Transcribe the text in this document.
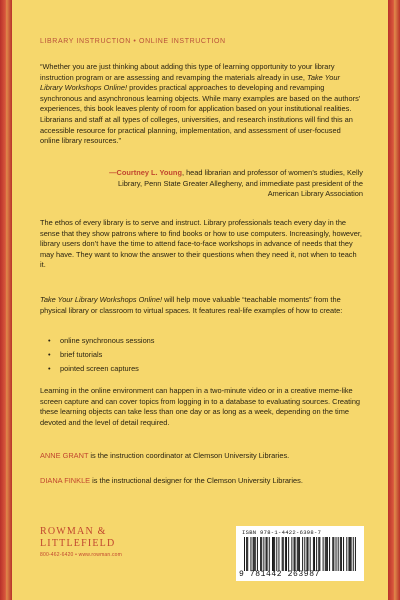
LIBRARY INSTRUCTION • ONLINE INSTRUCTION
“Whether you are just thinking about adding this type of learning opportunity to your library instruction program or are assessing and revamping the materials already in use, Take Your Library Workshops Online! provides practical approaches to developing and revamping synchronous and asynchronous learning objects. While many examples are based on the authors’ experiences, this book leaves plenty of room for application based on your institutional realities. Librarians and staff at all types of colleges, universities, and research institutions will find this an accessible resource for practical planning, implementation, and assessment of user-focused online library resources.”
—Courtney L. Young, head librarian and professor of women’s studies, Kelly Library, Penn State Greater Allegheny, and immediate past president of the American Library Association
The ethos of every library is to serve and instruct. Library professionals teach every day in the sense that they show patrons where to find books or how to use computers. Increasingly, however, library users don’t have the time to attend face-to-face workshops in advance of needs that they may have. They want to know the answer to their questions when they need it, not when to teach it.
Take Your Library Workshops Online! will help move valuable “teachable moments” from the physical library or classroom to virtual spaces. It features real-life examples of how to create:
• online synchronous sessions
• brief tutorials
• pointed screen captures
Learning in the online environment can happen in a two-minute video or in a creative meme-like screen capture and can cover topics from logging in to a database to evaluating sources. Creating these learning objects can take less than one day or as long as a week, depending on the time devoted and the level of detail required.
ANNE GRANT is the instruction coordinator at Clemson University Libraries.
DIANA FINKLE is the instructional designer for the Clemson University Libraries.
ROWMAN &
LITTLEFIELD
800-462-6420 • www.rowman.com
ISBN 978-1-4422-6398-7
9 781442 263987
